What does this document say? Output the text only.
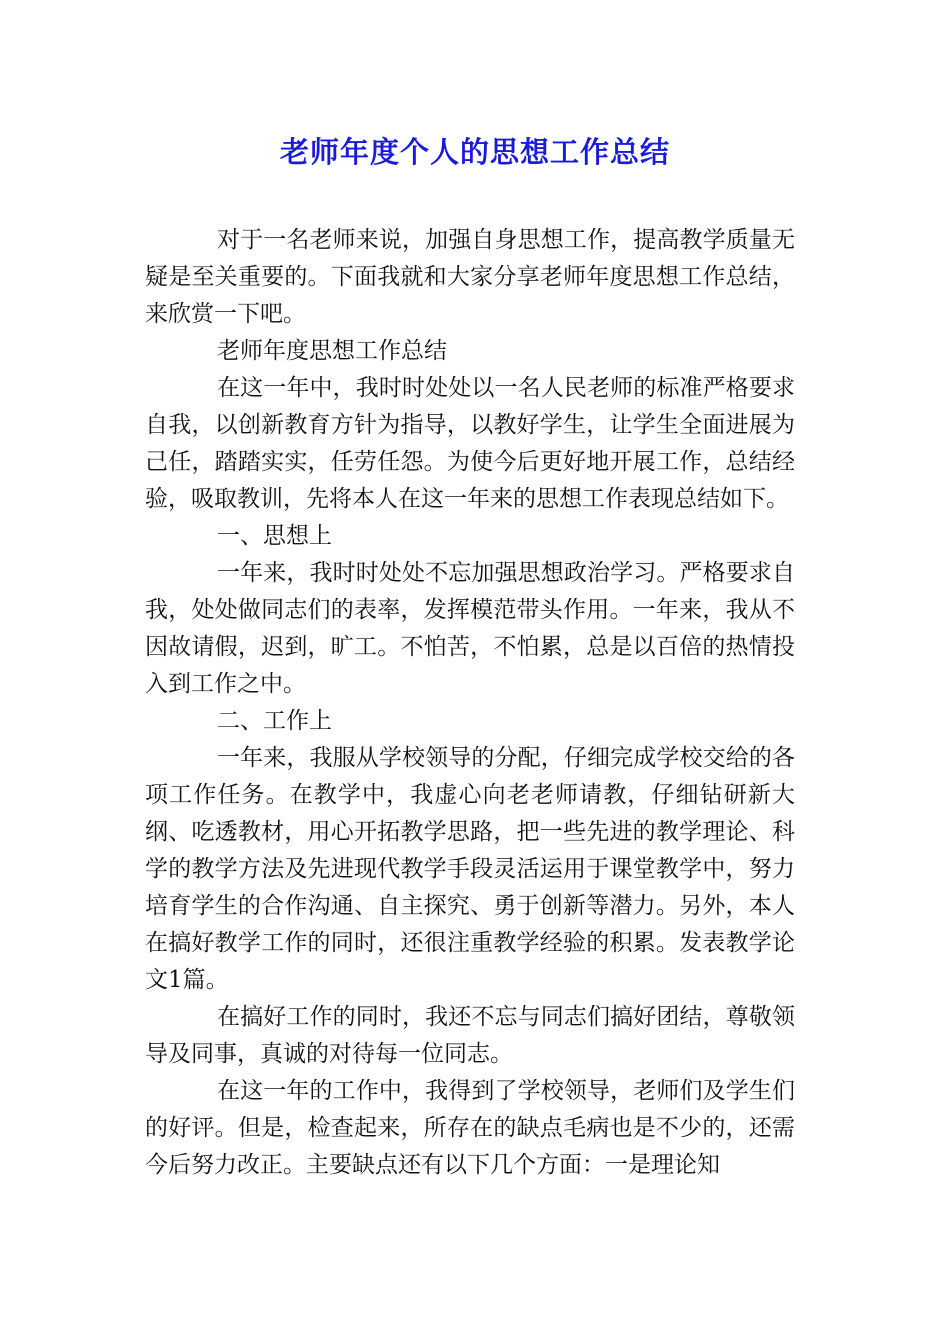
老师年度个人的思想工作总结

对于一名老师来说，加强自身思想工作，提高教学质量无疑是至关重要的。下面我就和大家分享老师年度思想工作总结，来欣赏一下吧。

老师年度思想工作总结

在这一年中，我时时处处以一名人民老师的标准严格要求自我，以创新教育方针为指导，以教好学生，让学生全面进展为己任，踏踏实实，任劳任怨。为使今后更好地开展工作，总结经验，吸取教训，先将本人在这一年来的思想工作表现总结如下。

一、思想上

一年来，我时时处处不忘加强思想政治学习。严格要求自我，处处做同志们的表率，发挥模范带头作用。一年来，我从不因故请假，迟到，旷工。不怕苦，不怕累，总是以百倍的热情投入到工作之中。

二、工作上

一年来，我服从学校领导的分配，仔细完成学校交给的各项工作任务。在教学中，我虚心向老老师请教，仔细钻研新大纲、吃透教材，用心开拓教学思路，把一些先进的教学理论、科学的教学方法及先进现代教学手段灵活运用于课堂教学中，努力培育学生的合作沟通、自主探究、勇于创新等潜力。另外，本人在搞好教学工作的同时，还很注重教学经验的积累。发表教学论文1篇。

在搞好工作的同时，我还不忘与同志们搞好团结，尊敬领导及同事，真诚的对待每一位同志。

在这一年的工作中，我得到了学校领导，老师们及学生们的好评。但是，检查起来，所存在的缺点毛病也是不少的，还需今后努力改正。主要缺点还有以下几个方面：一是理论知
